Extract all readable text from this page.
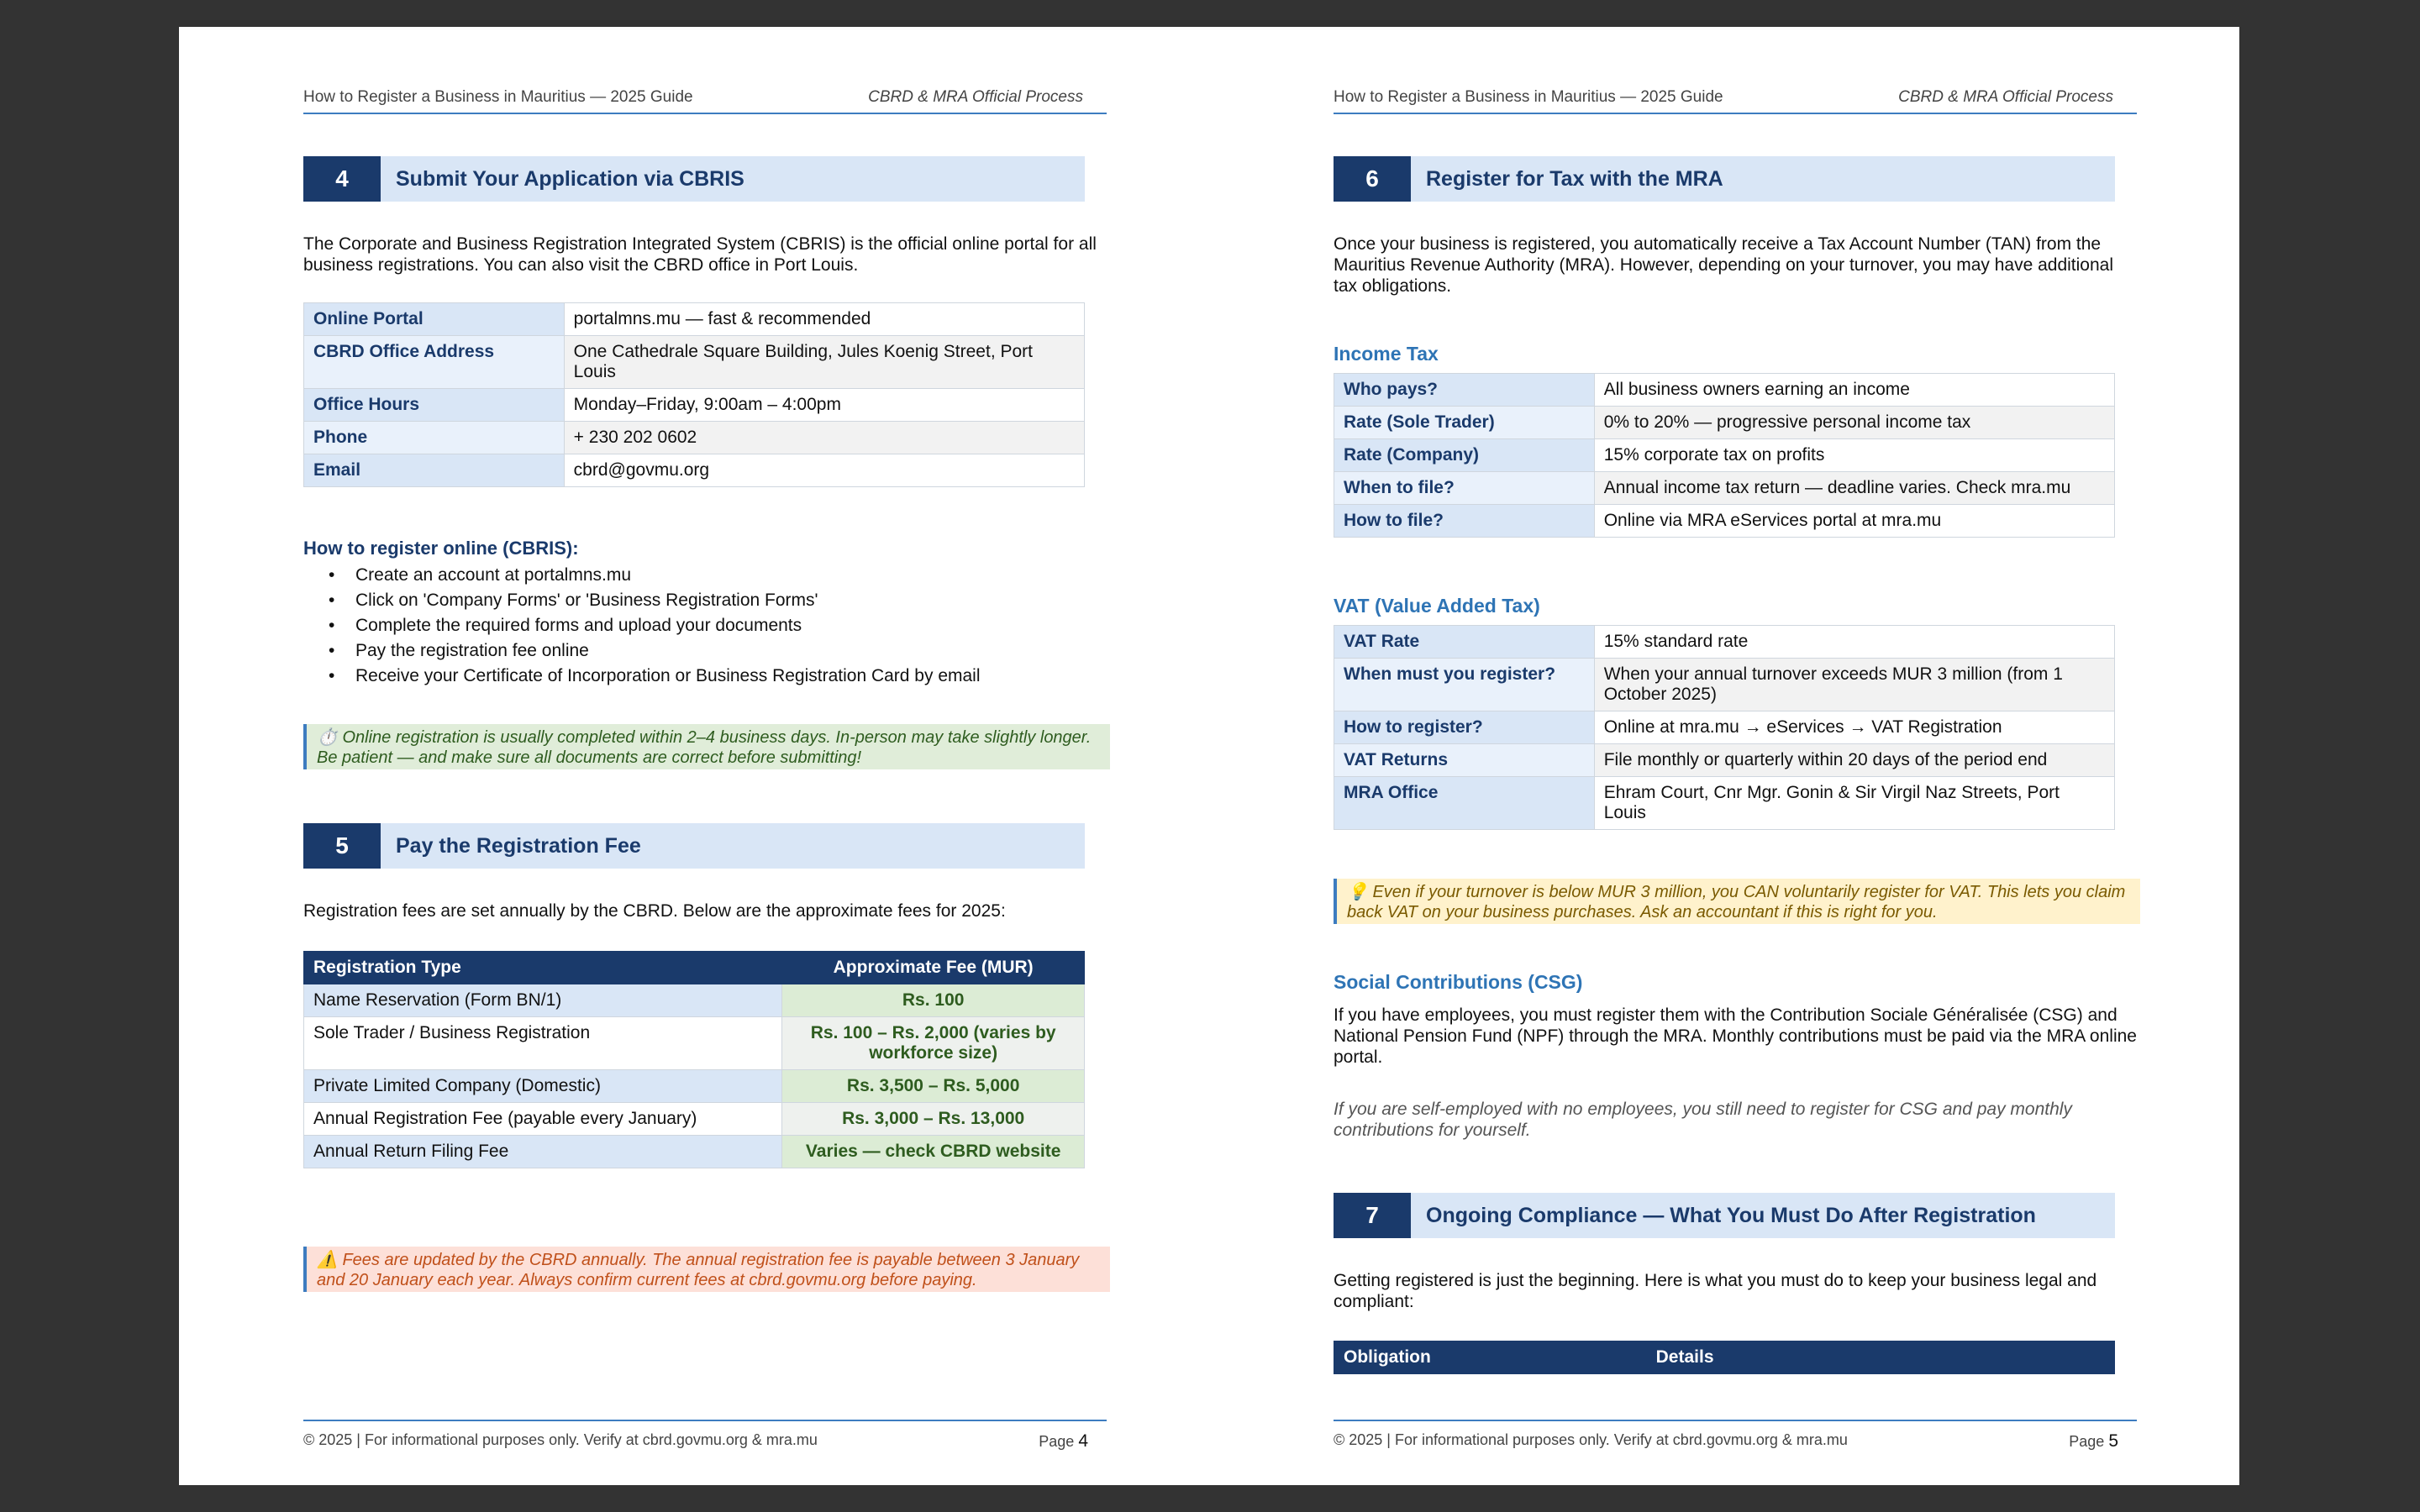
How to Register a Business in Mauritius — 2025 Guide	CBRD & MRA Official Process
4	Submit Your Application via CBRIS
The Corporate and Business Registration Integrated System (CBRIS) is the official online portal for all business registrations. You can also visit the CBRD office in Port Louis.
Online Portal	portalmns.mu — fast & recommended
CBRD Office Address	One Cathedrale Square Building, Jules Koenig Street, Port Louis
Office Hours	Monday–Friday, 9:00am – 4:00pm
Phone	+ 230 202 0602
Email	cbrd@govmu.org
How to register online (CBRIS):
• Create an account at portalmns.mu
• Click on 'Company Forms' or 'Business Registration Forms'
• Complete the required forms and upload your documents
• Pay the registration fee online
• Receive your Certificate of Incorporation or Business Registration Card by email
⏱️ Online registration is usually completed within 2–4 business days. In-person may take slightly longer. Be patient — and make sure all documents are correct before submitting!
5	Pay the Registration Fee
Registration fees are set annually by the CBRD. Below are the approximate fees for 2025:
Registration Type	Approximate Fee (MUR)
Name Reservation (Form BN/1)	Rs. 100
Sole Trader / Business Registration	Rs. 100 – Rs. 2,000 (varies by workforce size)
Private Limited Company (Domestic)	Rs. 3,500 – Rs. 5,000
Annual Registration Fee (payable every January)	Rs. 3,000 – Rs. 13,000
Annual Return Filing Fee	Varies — check CBRD website
⚠️ Fees are updated by the CBRD annually. The annual registration fee is payable between 3 January and 20 January each year. Always confirm current fees at cbrd.govmu.org before paying.
© 2025 | For informational purposes only. Verify at cbrd.govmu.org & mra.mu	Page 4
How to Register a Business in Mauritius — 2025 Guide	CBRD & MRA Official Process
6	Register for Tax with the MRA
Once your business is registered, you automatically receive a Tax Account Number (TAN) from the Mauritius Revenue Authority (MRA). However, depending on your turnover, you may have additional tax obligations.
Income Tax
Who pays?	All business owners earning an income
Rate (Sole Trader)	0% to 20% — progressive personal income tax
Rate (Company)	15% corporate tax on profits
When to file?	Annual income tax return — deadline varies. Check mra.mu
How to file?	Online via MRA eServices portal at mra.mu
VAT (Value Added Tax)
VAT Rate	15% standard rate
When must you register?	When your annual turnover exceeds MUR 3 million (from 1 October 2025)
How to register?	Online at mra.mu → eServices → VAT Registration
VAT Returns	File monthly or quarterly within 20 days of the period end
MRA Office	Ehram Court, Cnr Mgr. Gonin & Sir Virgil Naz Streets, Port Louis
💡 Even if your turnover is below MUR 3 million, you CAN voluntarily register for VAT. This lets you claim back VAT on your business purchases. Ask an accountant if this is right for you.
Social Contributions (CSG)
If you have employees, you must register them with the Contribution Sociale Généralisée (CSG) and National Pension Fund (NPF) through the MRA. Monthly contributions must be paid via the MRA online portal.
If you are self-employed with no employees, you still need to register for CSG and pay monthly contributions for yourself.
7	Ongoing Compliance — What You Must Do After Registration
Getting registered is just the beginning. Here is what you must do to keep your business legal and compliant:
Obligation	Details
© 2025 | For informational purposes only. Verify at cbrd.govmu.org & mra.mu	Page 5
